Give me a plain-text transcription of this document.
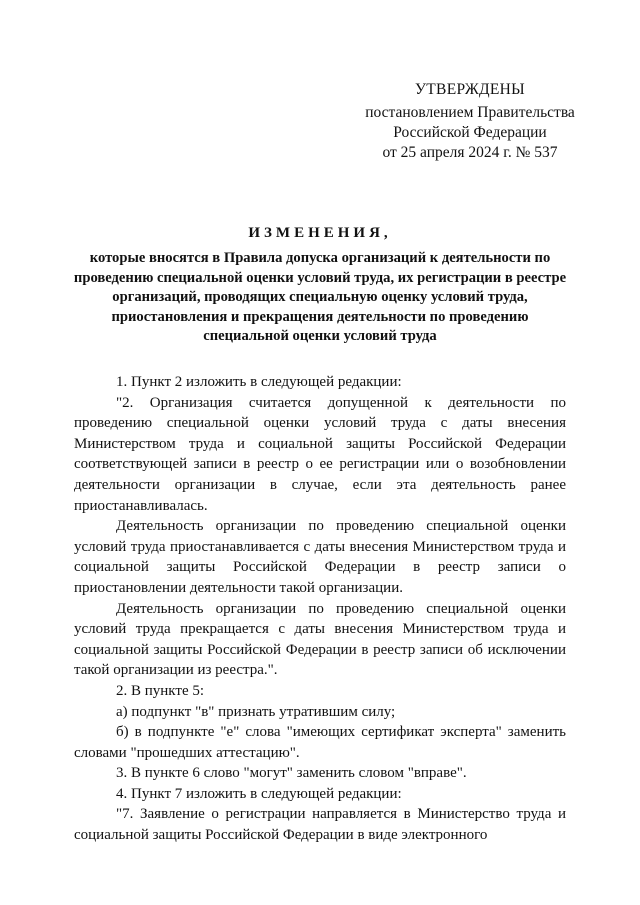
УТВЕРЖДЕНЫ
постановлением Правительства
Российской Федерации
от 25 апреля 2024 г. № 537
ИЗМЕНЕНИЯ,
которые вносятся в Правила допуска организаций к деятельности по проведению специальной оценки условий труда, их регистрации в реестре организаций, проводящих специальную оценку условий труда, приостановления и прекращения деятельности по проведению специальной оценки условий труда

1. Пункт 2 изложить в следующей редакции:

"2. Организация считается допущенной к деятельности по проведению специальной оценки условий труда с даты внесения Министерством труда и социальной защиты Российской Федерации соответствующей записи в реестр о ее регистрации или о возобновлении деятельности организации в случае, если эта деятельность ранее приостанавливалась.

Деятельность организации по проведению специальной оценки условий труда приостанавливается с даты внесения Министерством труда и социальной защиты Российской Федерации в реестр записи о приостановлении деятельности такой организации.

Деятельность организации по проведению специальной оценки условий труда прекращается с даты внесения Министерством труда и социальной защиты Российской Федерации в реестр записи об исключении такой организации из реестра.".

2. В пункте 5:

а) подпункт "в" признать утратившим силу;

б) в подпункте "е" слова "имеющих сертификат эксперта" заменить словами "прошедших аттестацию".

3. В пункте 6 слово "могут" заменить словом "вправе".

4. Пункт 7 изложить в следующей редакции:

"7. Заявление о регистрации направляется в Министерство труда и социальной защиты Российской Федерации в виде электронного
